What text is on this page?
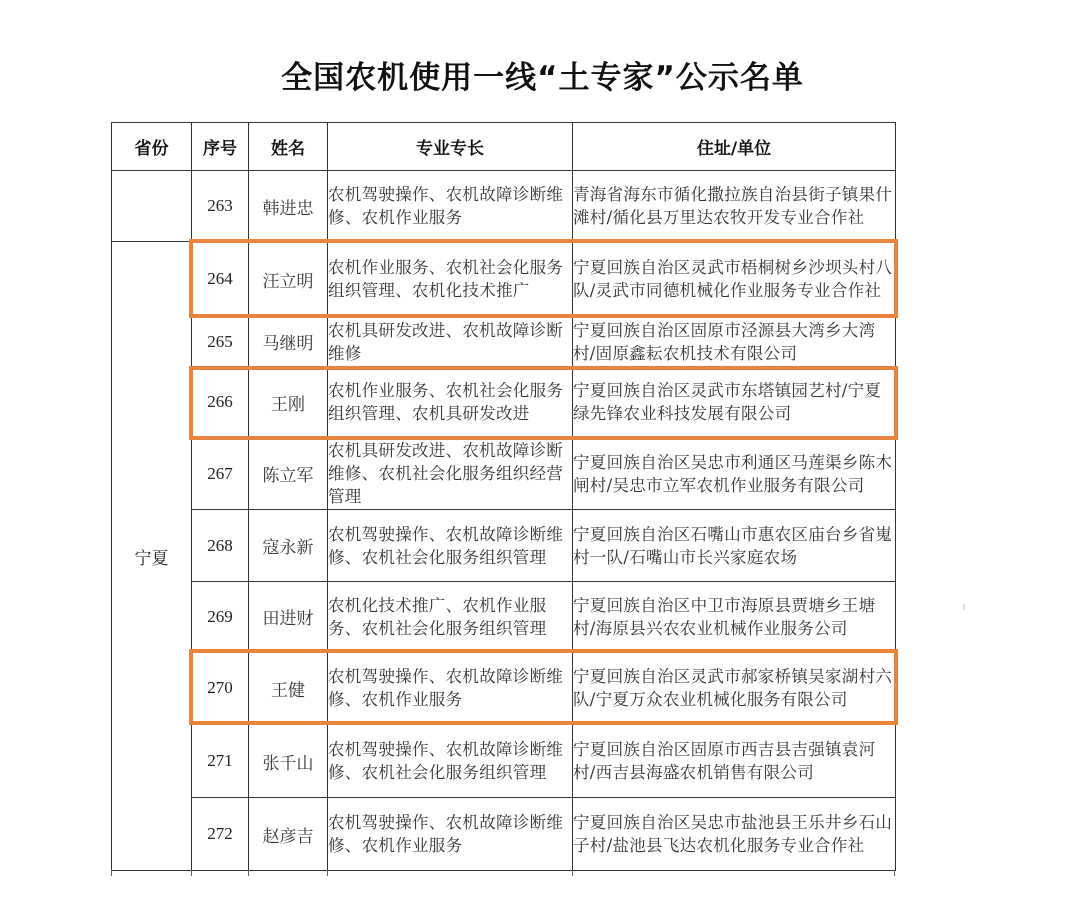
全国农机使用一线“土专家”公示名单
省份	序号	姓名	专业专长	住址/单位
	263	韩进忠	农机驾驶操作、农机故障诊断维修、农机作业服务	青海省海东市循化撒拉族自治县街子镇果什滩村/循化县万里达农牧开发专业合作社
宁夏	264	汪立明	农机作业服务、农机社会化服务组织管理、农机化技术推广	宁夏回族自治区灵武市梧桐树乡沙坝头村八队/灵武市同德机械化作业服务专业合作社
	265	马继明	农机具研发改进、农机故障诊断维修	宁夏回族自治区固原市泾源县大湾乡大湾村/固原鑫耘农机技术有限公司
	266	王刚	农机作业服务、农机社会化服务组织管理、农机具研发改进	宁夏回族自治区灵武市东塔镇园艺村/宁夏绿先锋农业科技发展有限公司
	267	陈立军	农机具研发改进、农机故障诊断维修、农机社会化服务组织经营管理	宁夏回族自治区吴忠市利通区马莲渠乡陈木闸村/吴忠市立军农机作业服务有限公司
	268	寇永新	农机驾驶操作、农机故障诊断维修、农机社会化服务组织管理	宁夏回族自治区石嘴山市惠农区庙台乡省嵬村一队/石嘴山市长兴家庭农场
	269	田进财	农机化技术推广、农机作业服务、农机社会化服务组织管理	宁夏回族自治区中卫市海原县贾塘乡王塘村/海原县兴农农业机械作业服务公司
	270	王健	农机驾驶操作、农机故障诊断维修、农机作业服务	宁夏回族自治区灵武市郝家桥镇吴家湖村六队/宁夏万众农业机械化服务有限公司
	271	张千山	农机驾驶操作、农机故障诊断维修、农机社会化服务组织管理	宁夏回族自治区固原市西吉县吉强镇袁河村/西吉县海盛农机销售有限公司
	272	赵彦吉	农机驾驶操作、农机故障诊断维修、农机作业服务	宁夏回族自治区吴忠市盐池县王乐井乡石山子村/盐池县飞达农机化服务专业合作社
